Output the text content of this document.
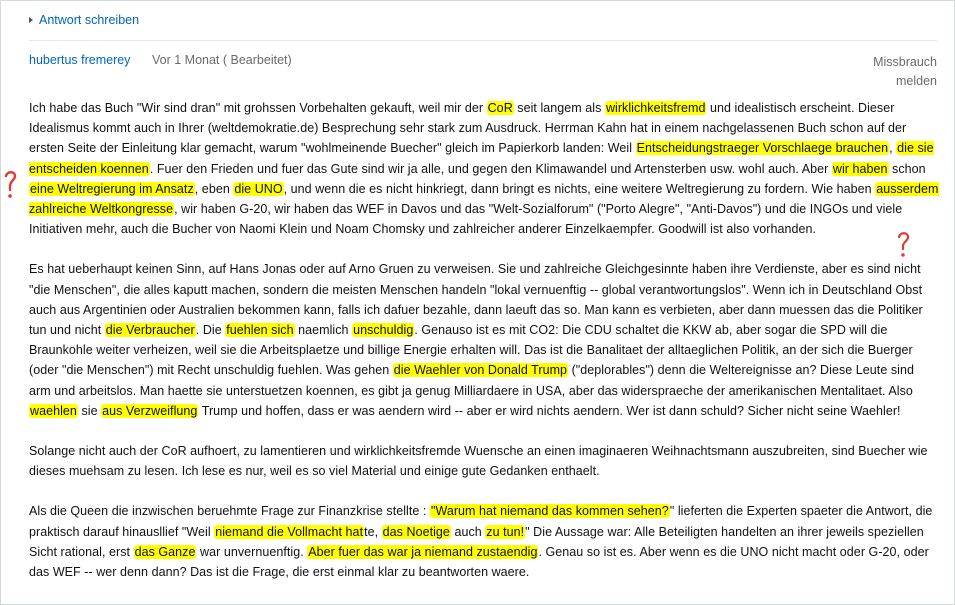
Antwort schreiben
hubertus fremerey Vor 1 Monat ( Bearbeitet)	Missbrauch
melden

Ich habe das Buch "Wir sind dran" mit grohssen Vorbehalten gekauft, weil mir der CoR seit langem als wirklichkeitsfremd und idealistisch erscheint. Dieser Idealismus kommt auch in Ihrer (weltdemokratie.de) Besprechung sehr stark zum Ausdruck. Herrman Kahn hat in einem nachgelassenen Buch schon auf der ersten Seite der Einleitung klar gemacht, warum "wohlmeinende Buecher" gleich im Papierkorb landen: Weil Entscheidungstraeger Vorschlaege brauchen, die sie entscheiden koennen. Fuer den Frieden und fuer das Gute sind wir ja alle, und gegen den Klimawandel und Artensterben usw. wohl auch. Aber wir haben schon eine Weltregierung im Ansatz, eben die UNO, und wenn die es nicht hinkriegt, dann bringt es nichts, eine weitere Weltregierung zu fordern. Wie haben ausserdem zahlreiche Weltkongresse, wir haben G-20, wir haben das WEF in Davos und das "Welt-Sozialforum" ("Porto Alegre", "Anti-Davos") und die INGOs und viele Initiativen mehr, auch die Bucher von Naomi Klein und Noam Chomsky und zahlreicher anderer Einzelkaempfer. Goodwill ist also vorhanden.

Es hat ueberhaupt keinen Sinn, auf Hans Jonas oder auf Arno Gruen zu verweisen. Sie und zahlreiche Gleichgesinnte haben ihre Verdienste, aber es sind nicht "die Menschen", die alles kaputt machen, sondern die meisten Menschen handeln "lokal vernuenftig -- global verantwortungslos". Wenn ich in Deutschland Obst auch aus Argentinien oder Australien bekommen kann, falls ich dafuer bezahle, dann laeuft das so. Man kann es verbieten, aber dann muessen das die Politiker tun und nicht die Verbraucher. Die fuehlen sich naemlich unschuldig. Genauso ist es mit CO2: Die CDU schaltet die KKW ab, aber sogar die SPD will die Braunkohle weiter verheizen, weil sie die Arbeitsplaetze und billige Energie erhalten will. Das ist die Banalitaet der alltaeglichen Politik, an der sich die Buerger (oder "die Menschen") mit Recht unschuldig fuehlen. Was gehen die Waehler von Donald Trump ("deplorables") denn die Weltereignisse an? Diese Leute sind arm und arbeitslos. Man haette sie unterstuetzen koennen, es gibt ja genug Milliardaere in USA, aber das widerspraeche der amerikanischen Mentalitaet. Also waehlen sie aus Verzweiflung Trump und hoffen, dass er was aendern wird -- aber er wird nichts aendern. Wer ist dann schuld? Sicher nicht seine Waehler!

Solange nicht auch der CoR aufhoert, zu lamentieren und wirklichkeitsfremde Wuensche an einen imaginaeren Weihnachtsmann auszubreiten, sind Buecher wie dieses muehsam zu lesen. Ich lese es nur, weil es so viel Material und einige gute Gedanken enthaelt.

Als die Queen die inzwischen beruehmte Frage zur Finanzkrise stellte : "Warum hat niemand das kommen sehen?" lieferten die Experten spaeter die Antwort, die praktisch darauf hinausllief "Weil niemand die Vollmacht hatte, das Noetige auch zu tun!" Die Aussage war: Alle Beteiligten handelten an ihrer jeweils speziellen Sicht rational, erst das Ganze war unvernuenftig. Aber fuer das war ja niemand zustaendig. Genau so ist es. Aber wenn es die UNO nicht macht oder G-20, oder das WEF -- wer denn dann? Das ist die Frage, die erst einmal klar zu beantworten waere.
